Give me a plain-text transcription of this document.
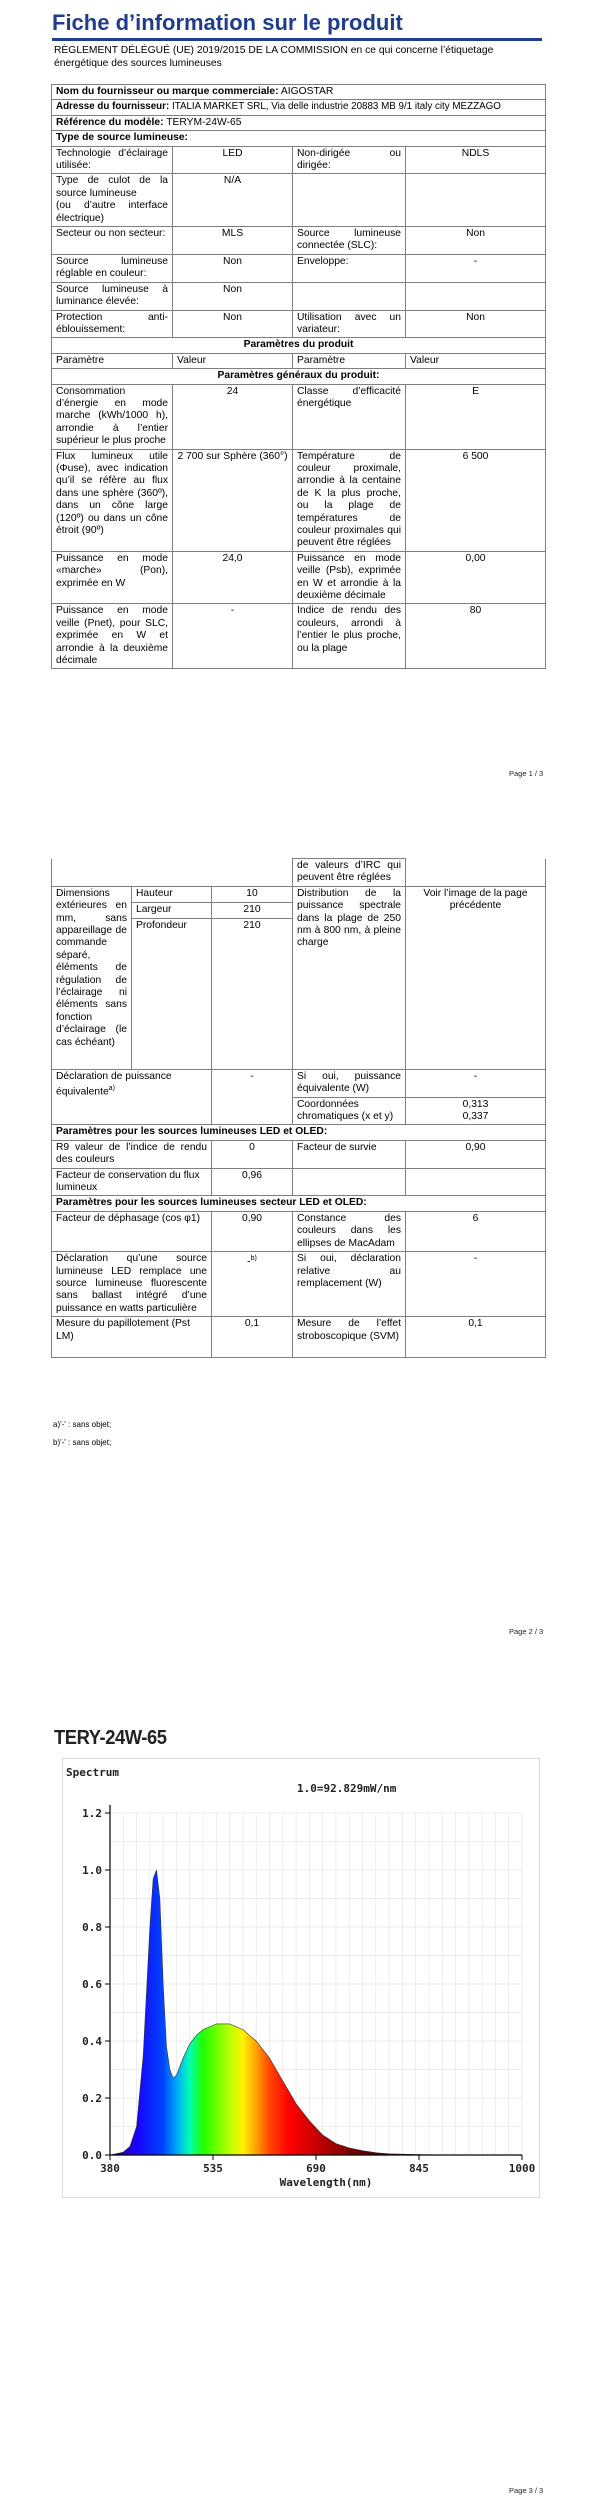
Fiche d’information sur le produit
RÈGLEMENT DÉLÉGUÉ (UE) 2019/2015 DE LA COMMISSION en ce qui concerne l’étiquetage énergétique des sources lumineuses
Nom du fournisseur ou marque commerciale: AIGOSTAR			
Adresse du fournisseur: ITALIA MARKET SRL, Via delle industrie 20883 MB 9/1 italy city MEZZAGO			
Référence du modèle: TERYM-24W-65			
Type de source lumineuse:			
Technologie d’éclairage utilisée:	LED	Non-dirigée ou dirigée:	NDLS
Type de culot de la source lumineuse
(ou d’autre interface électrique)	N/A		
Secteur ou non secteur:	MLS	Source lumineuse connectée (SLC):	Non
Source lumineuse réglable en couleur:	Non	Enveloppe:	-
Source lumineuse à luminance élevée:	Non		
Protection anti-éblouissement:	Non	Utilisation avec un variateur:	Non
Paramètres du produit			
Paramètre	Valeur	Paramètre	Valeur
Paramètres généraux du produit:			
Consommation d’énergie en mode marche (kWh/1000 h), arrondie à l’entier supérieur le plus proche	24	Classe d’efficacité énergétique	E
Flux lumineux utile (Φuse), avec indication qu’il se réfère au flux dans une sphère (360º), dans un cône large (120º) ou dans un cône étroit (90º)	2 700 sur Sphère (360°)	Température de couleur proximale, arrondie à la centaine de K la plus proche, ou la plage de températures de couleur proximales qui peuvent être réglées	6 500
Puissance en mode «marche» (Pon), exprimée en W	24,0	Puissance en mode veille (Psb), exprimée en W et arrondie à la deuxième décimale	0,00
Puissance en mode veille (Pnet), pour SLC, exprimée en W et arrondie à la deuxième décimale	-	Indice de rendu des couleurs, arrondi à l’entier le plus proche, ou la plage	80
Page 1 / 3
			de valeurs d’IRC qui peuvent être réglées	
Dimensions extérieures en mm, sans appareillage de commande séparé, éléments de régulation de l’éclairage ni éléments sans fonction d’éclairage (le cas échéant)	Hauteur	10	Distribution de la puissance spectrale dans la plage de 250 nm à 800 nm, à pleine charge	Voir l’image de la page précédente
	Largeur	210		
	Profondeur	210		
Déclaration de puissance équivalente$^{a)}$		-	Si oui, puissance équivalente (W)	-
			Coordonnées chromatiques (x et y)	0,313
0,337

Paramètres pour les sources lumineuses LED et OLED:				
R9 valeur de l’indice de rendu des couleurs		0	Facteur de survie	0,90
Facteur de conservation du flux lumineux		0,96		
Paramètres pour les sources lumineuses secteur LED et OLED:				
Facteur de déphasage (cos φ1)		0,90	Constance des couleurs dans les ellipses de MacAdam	6
Déclaration qu’une source lumineuse LED remplace une source lumineuse fluorescente sans ballast intégré d’une puissance en watts particulière		-$^{b)}$	Si oui, déclaration relative au remplacement (W)	-
Mesure du papillotement (Pst LM)		0,1	Mesure de l’effet stroboscopique (SVM)	0,1
a)'-' : sans objet;
b)'-' : sans objet;
Page 2 / 3
TERY-24W-65
380	535	690	845	1000
0.0
0.2
0.4
0.6
0.8
1.0
1.2
Spectrum
1.0=92.829mW/nm
Wavelength(nm)
Page 3 / 3
